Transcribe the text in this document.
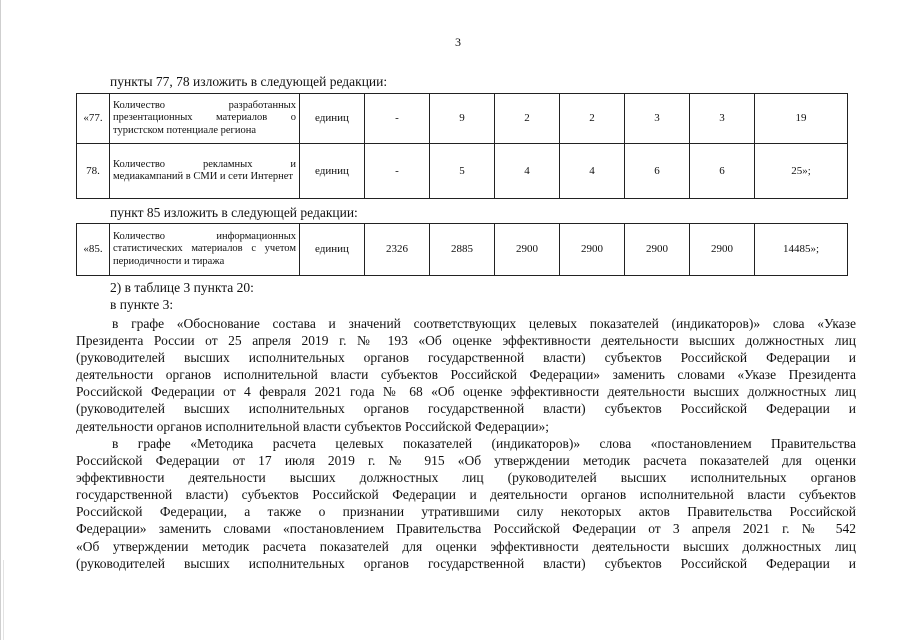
3
пункты 77, 78 изложить в следующей редакции:
«77.	Количество разработанных презентационных материалов о туристском потенциале региона	единиц	-	9	2	2	3	3	19
78.	Количество рекламных и медиакампаний в СМИ и сети Интернет	единиц	-	5	4	4	6	6	25»;
пункт 85 изложить в следующей редакции:
«85.	Количество информационных статистических материалов с учетом периодичности и тиража	единиц	2326	2885	2900	2900	2900	2900	14485»;
2) в таблице 3 пункта 20:
в пункте 3:
в графе «Обоснование состава и значений соответствующих целевых показателей (индикаторов)» слова «Указе
Президента России от 25 апреля 2019 г. № 193 «Об оценке эффективности деятельности высших должностных лиц
(руководителей высших исполнительных органов государственной власти) субъектов Российской Федерации и
деятельности органов исполнительной власти субъектов Российской Федерации» заменить словами «Указе Президента
Российской Федерации от 4 февраля 2021 года № 68 «Об оценке эффективности деятельности высших должностных лиц
(руководителей высших исполнительных органов государственной власти) субъектов Российской Федерации и
деятельности органов исполнительной власти субъектов Российской Федерации»;
в графе «Методика расчета целевых показателей (индикаторов)» слова «постановлением Правительства
Российской Федерации от 17 июля 2019 г. № 915 «Об утверждении методик расчета показателей для оценки
эффективности деятельности высших должностных лиц (руководителей высших исполнительных органов
государственной власти) субъектов Российской Федерации и деятельности органов исполнительной власти субъектов
Российской Федерации, а также о признании утратившими силу некоторых актов Правительства Российской
Федерации» заменить словами «постановлением Правительства Российской Федерации от 3 апреля 2021 г. № 542
«Об утверждении методик расчета показателей для оценки эффективности деятельности высших должностных лиц
(руководителей высших исполнительных органов государственной власти) субъектов Российской Федерации и
